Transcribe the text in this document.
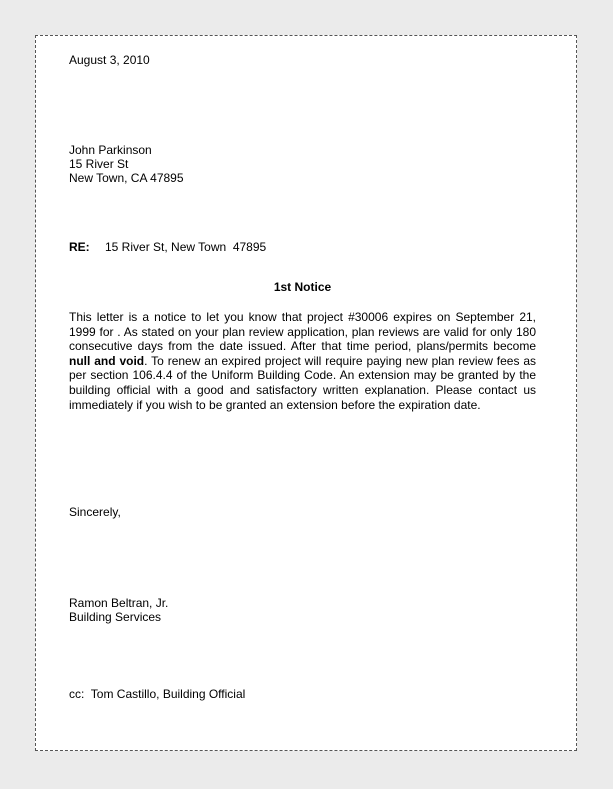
August 3, 2010
John Parkinson
15 River St
New Town, CA 47895
RE: 15 River St, New Town  47895
1st Notice
This letter is a notice to let you know that project #30006 expires on September 21, 1999 for . As stated on your plan review application, plan reviews are valid for only 180 consecutive days from the date issued. After that time period, plans/permits become null and void. To renew an expired project will require paying new plan review fees as per section 106.4.4 of the Uniform Building Code. An extension may be granted by the building official with a good and satisfactory written explanation. Please contact us immediately if you wish to be granted an extension before the expiration date.
Sincerely,
Ramon Beltran, Jr.
Building Services
cc: Tom Castillo, Building Official
